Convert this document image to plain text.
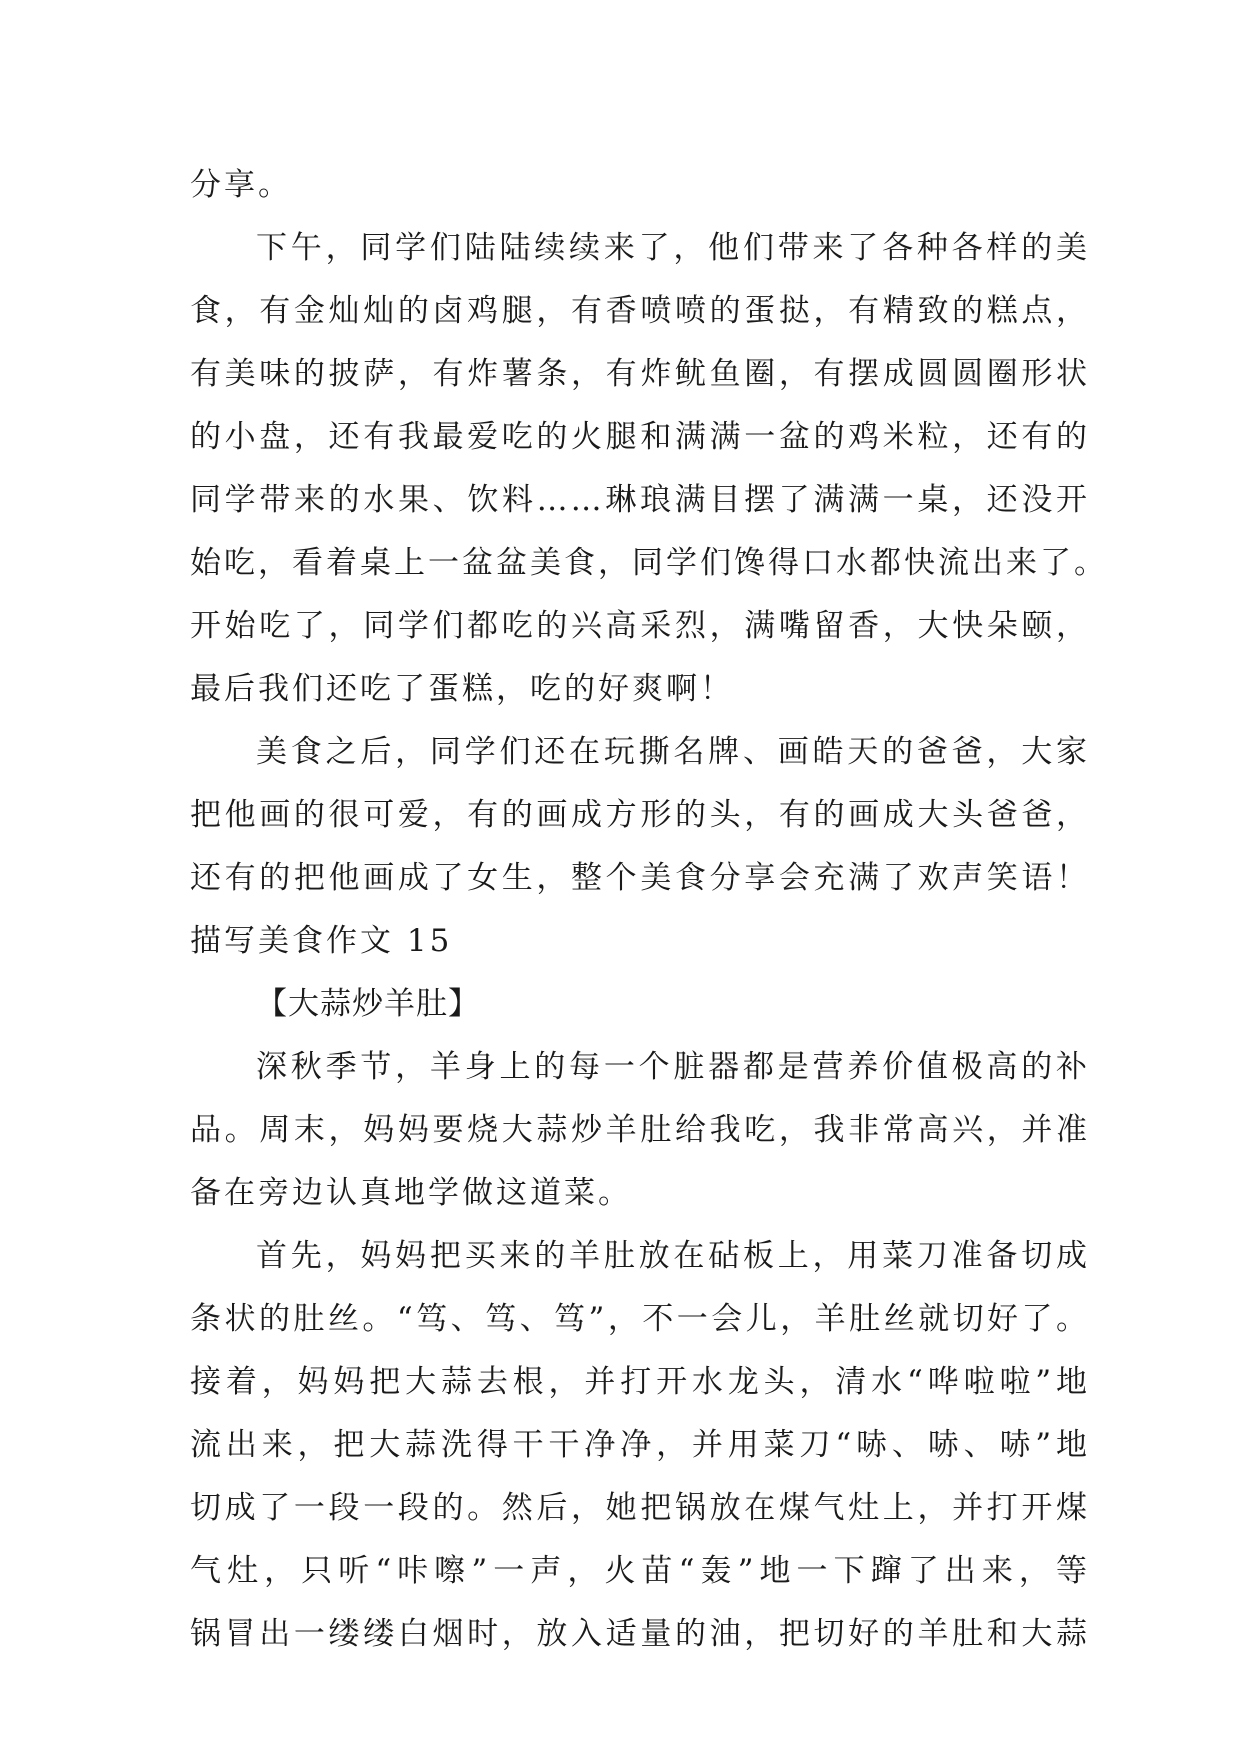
分享。
下午，同学们陆陆续续来了，他们带来了各种各样的美
食，有金灿灿的卤鸡腿，有香喷喷的蛋挞，有精致的糕点，
有美味的披萨，有炸薯条，有炸鱿鱼圈，有摆成圆圆圈形状
的小盘，还有我最爱吃的火腿和满满一盆的鸡米粒，还有的
同学带来的水果、饮料……琳琅满目摆了满满一桌，还没开
始吃，看着桌上一盆盆美食，同学们馋得口水都快流出来了。
开始吃了，同学们都吃的兴高采烈，满嘴留香，大快朵颐，
最后我们还吃了蛋糕，吃的好爽啊！
美食之后，同学们还在玩撕名牌、画皓天的爸爸，大家
把他画的很可爱，有的画成方形的头，有的画成大头爸爸，
还有的把他画成了女生，整个美食分享会充满了欢声笑语！
描写美食作文 15
【大蒜炒羊肚】
深秋季节，羊身上的每一个脏器都是营养价值极高的补
品。周末，妈妈要烧大蒜炒羊肚给我吃，我非常高兴，并准
备在旁边认真地学做这道菜。
首先，妈妈把买来的羊肚放在砧板上，用菜刀准备切成
条状的肚丝。“笃、笃、笃”，不一会儿，羊肚丝就切好了。
接着，妈妈把大蒜去根，并打开水龙头，清水“哗啦啦”地
流出来，把大蒜洗得干干净净，并用菜刀“哧、哧、哧”地
切成了一段一段的。然后，她把锅放在煤气灶上，并打开煤
气灶，只听“咔嚓”一声，火苗“轰”地一下蹿了出来，等
锅冒出一缕缕白烟时，放入适量的油，把切好的羊肚和大蒜
